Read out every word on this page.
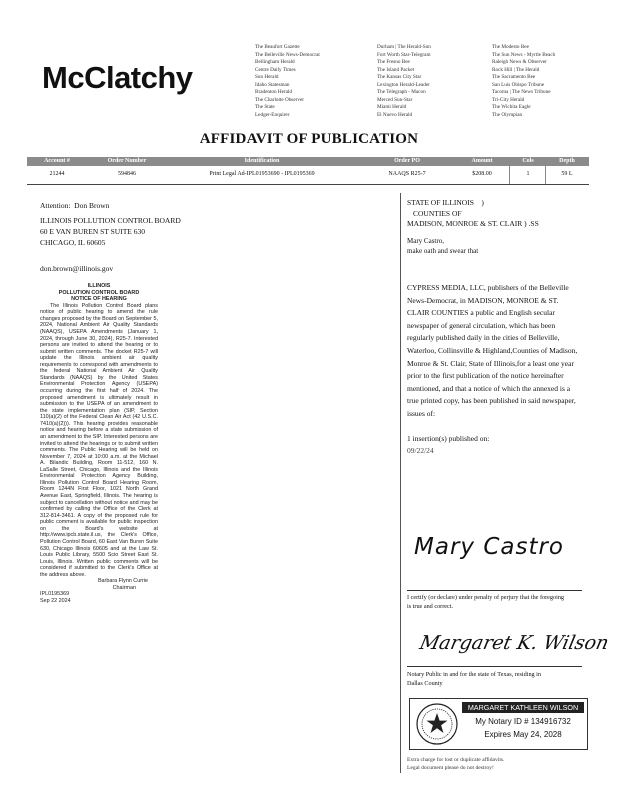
McClatchy
The Beaufort Gazette
The Belleville News-Democrat
Bellingham Herald
Centre Daily Times
Sun Herald
Idaho Statesman
Bradenton Herald
The Charlotte Observer
The State
Ledger-Enquirer
Durham | The Herald-Sun
Fort Worth Star-Telegram
The Fresno Bee
The Island Packet
The Kansas City Star
Lexington Herald-Leader
The Telegraph - Macon
Merced Sun-Star
Miami Herald
El Nuevo Herald
The Modesto Bee
The Sun News - Myrtle Beach
Raleigh News & Observer
Rock Hill | The Herald
The Sacramento Bee
San Luis Obispo Tribune
Tacoma | The News Tribune
Tri-City Herald
The Wichita Eagle
The Olympian
AFFIDAVIT OF PUBLICATION
Account #	Order Number	Identification	Order PO	Amount	Cols	Depth
21244	594846	Print Legal Ad-IPL01953690 - IPL0195369	NAAQS R25-7	$208.00	1	59 L
Attention: Don Brown
ILLINOIS POLLUTION CONTROL BOARD
60 E VAN BUREN ST SUITE 630
CHICAGO, IL 60605
don.brown@illinois.gov
ILLINOIS
POLLUTION CONTROL BOARD
NOTICE OF HEARING
The Illinois Pollution Control Board plans notice of public hearing to amend the rule changes proposed by the Board on September 5, 2024, National Ambient Air Quality Standards (NAAQS), USEPA Amendments (January 1, 2024, through June 30, 2024), R25-7. Interested persons are invited to attend the hearing or to submit written comments. The docket R25-7 will update the Illinois ambient air quality requirements to correspond with amendments to the federal National Ambient Air Quality Standards (NAAQS) by the United States Environmental Protection Agency (USEPA) occurring during the first half of 2024. The proposed amendment is ultimately result in submission to the USEPA of an amendment to the state implementation plan (SIP, Section 110(a)(2) of the Federal Clean Air Act (42 U.S.C. 7410(a)(2))). This hearing provides reasonable notice and hearing before a state submission of an amendment to the SIP. Interested persons are invited to attend the hearings or to submit written comments. The Public Hearing will be held on November 7, 2024 at 10:00 a.m. at the Michael A. Bilandic Building, Room 11-512, 160 N. LaSalle Street, Chicago, Illinois and the Illinois Environmental Protection Agency Building, Illinois Pollution Control Board Hearing Room, Room 1244N First Floor, 1021 North Grand Avenue East, Springfield, Illinois. The hearing is subject to cancellation without notice and may be confirmed by calling the Office of the Clerk at 312-814-3461. A copy of the proposed rule for public comment is available for public inspection on the Board's website at http://www.ipcb.state.il.us, the Clerk's Office, Pollution Control Board, 60 East Van Buren Suite 630, Chicago Illinois 60605 and at the Law St. Louis Public Library, 5500 Scio Street East St. Louis, Illinois. Written public comments will be considered if submitted to the Clerk's Office at the address above.
Barbara Flynn Currie
Chairman
IPL0195369
Sep 22 2024
STATE OF ILLINOIS    )
COUNTIES OF
MADISON, MONROE & ST. CLAIR ) .SS
Mary Castro,
make oath and swear that
CYPRESS MEDIA, LLC, publishers of the Belleville News-Democrat, in MADISON, MONROE & ST. CLAIR COUNTIES a public and English secular newspaper of general circulation, which has been regularly published daily in the cities of Belleville, Waterloo, Collinsville & Highland,Counties of Madison, Monroe & St. Clair, State of Illinois,for a least one year prior to the first publication of the notice hereinafter mentioned, and that a notice of which the annexed is a true printed copy, has been published in said newspaper, issues of:
1 insertion(s) published on:
09/22/24
Mary Castro
I certify (or declare) under penalty of perjury that the foregoing is true and correct.
Margaret K. Wilson
Notary Public in and for the state of Texas, residing in
Dallas County
MARGARET KATHLEEN WILSON
My Notary ID # 134916732
Expires May 24, 2028
Extra charge for lost or duplicate affidavits.
Legal document please do not destroy!
